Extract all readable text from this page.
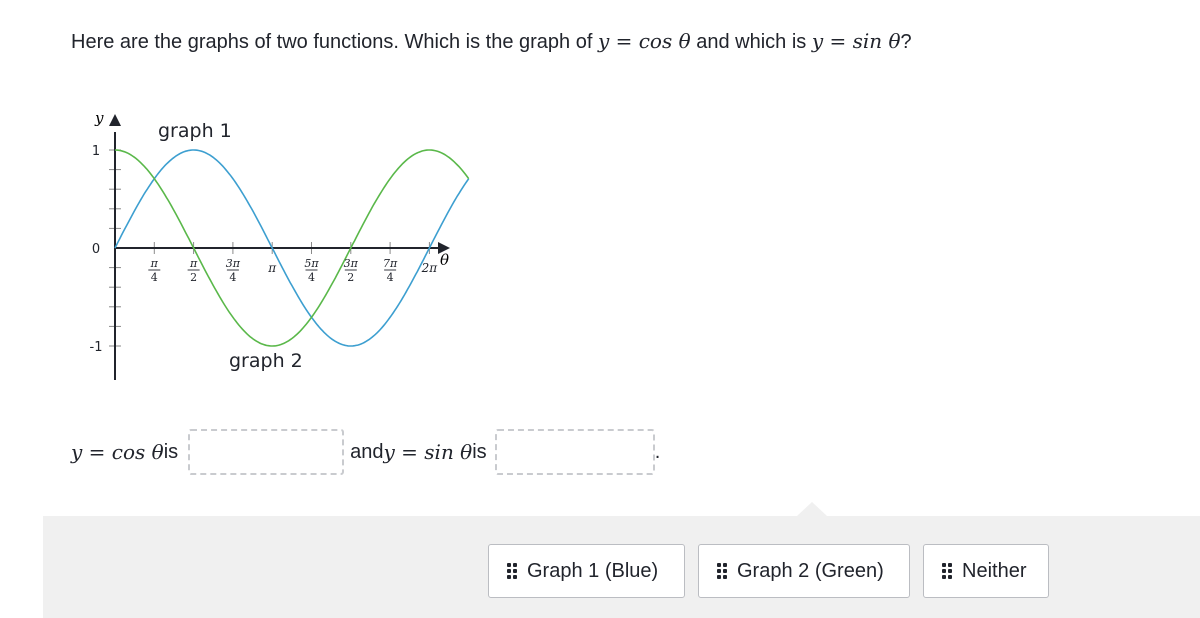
Here are the graphs of two functions. Which is the graph of y = cos θ and which is y = sin θ?
1
0
-1
π
4
π
2
3π
4
π	5π
4
3π
2
7π
4
2π
y
θ
graph 1
graph 2
y = cos θ is	and y = sin θ is	.
Graph 1 (Blue)	Graph 2 (Green)	Neither
